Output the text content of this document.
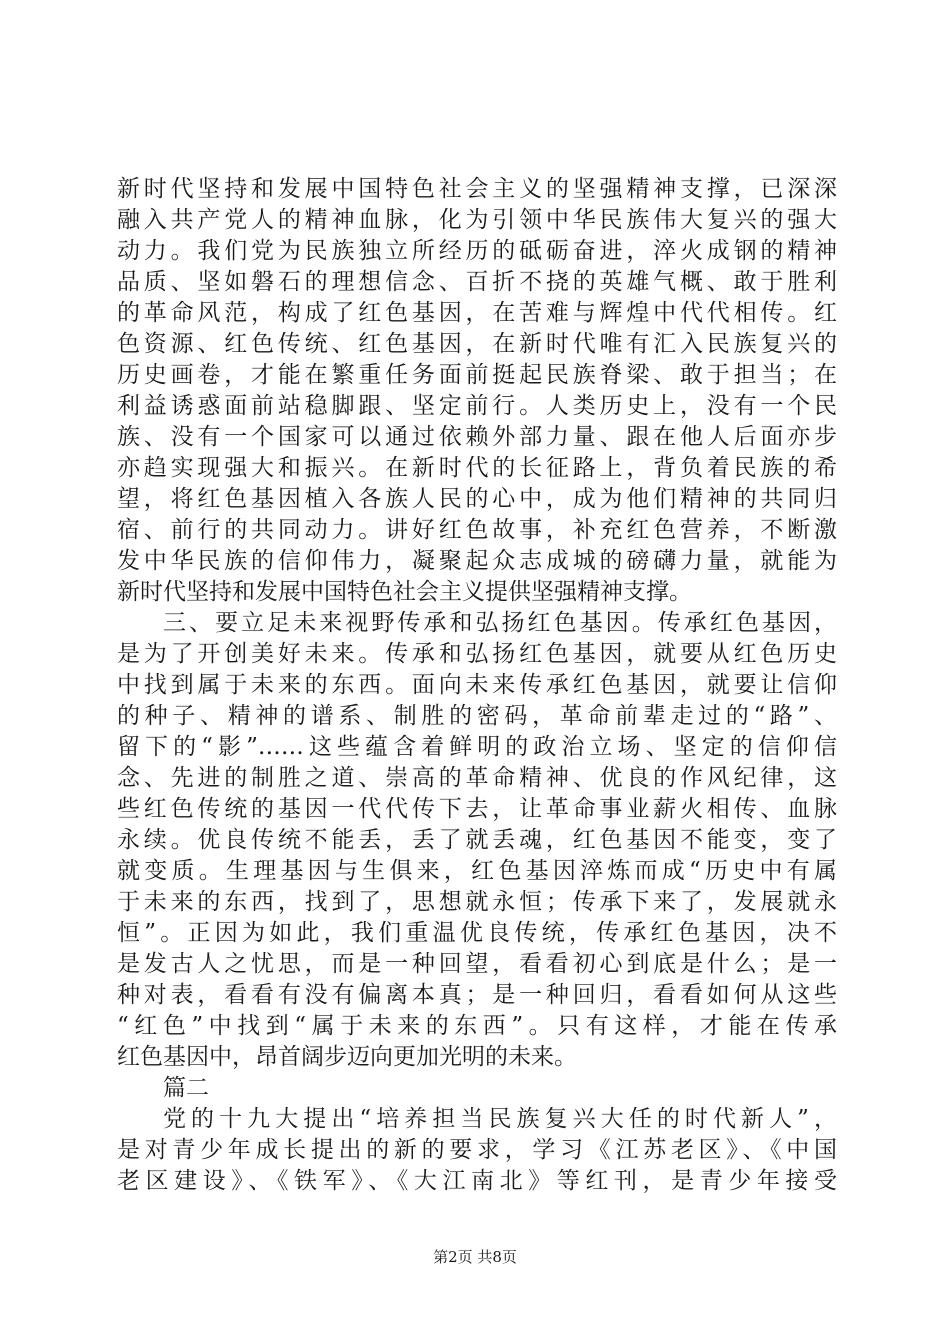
新时代坚持和发展中国特色社会主义的坚强精神支撑，已深深
融入共产党人的精神血脉，化为引领中华民族伟大复兴的强大
动力。我们党为民族独立所经历的砥砺奋进，淬火成钢的精神
品质、坚如磐石的理想信念、百折不挠的英雄气概、敢于胜利
的革命风范，构成了红色基因，在苦难与辉煌中代代相传。红
色资源、红色传统、红色基因，在新时代唯有汇入民族复兴的
历史画卷，才能在繁重任务面前挺起民族脊梁、敢于担当；在
利益诱惑面前站稳脚跟、坚定前行。人类历史上，没有一个民
族、没有一个国家可以通过依赖外部力量、跟在他人后面亦步
亦趋实现强大和振兴。在新时代的长征路上，背负着民族的希
望，将红色基因植入各族人民的心中，成为他们精神的共同归
宿、前行的共同动力。讲好红色故事，补充红色营养，不断激
发中华民族的信仰伟力，凝聚起众志成城的磅礴力量，就能为
新时代坚持和发展中国特色社会主义提供坚强精神支撑。
三、要立足未来视野传承和弘扬红色基因。传承红色基因，
是为了开创美好未来。传承和弘扬红色基因，就要从红色历史
中找到属于未来的东西。面向未来传承红色基因，就要让信仰
的种子、精神的谱系、制胜的密码，革命前辈走过的“路”、
留下的“影”……这些蕴含着鲜明的政治立场、坚定的信仰信
念、先进的制胜之道、崇高的革命精神、优良的作风纪律，这
些红色传统的基因一代代传下去，让革命事业薪火相传、血脉
永续。优良传统不能丢，丢了就丢魂，红色基因不能变，变了
就变质。生理基因与生俱来，红色基因淬炼而成“历史中有属
于未来的东西，找到了，思想就永恒；传承下来了，发展就永
恒”。正因为如此，我们重温优良传统，传承红色基因，决不
是发古人之忧思，而是一种回望，看看初心到底是什么；是一
种对表，看看有没有偏离本真；是一种回归，看看如何从这些
“红色”中找到“属于未来的东西”。只有这样，才能在传承
红色基因中，昂首阔步迈向更加光明的未来。
篇二
党的十九大提出“培养担当民族复兴大任的时代新人”，
是对青少年成长提出的新的要求，学习《江苏老区》、《中国
老区建设》、《铁军》、《大江南北》等红刊，是青少年接受
第2页 共8页
